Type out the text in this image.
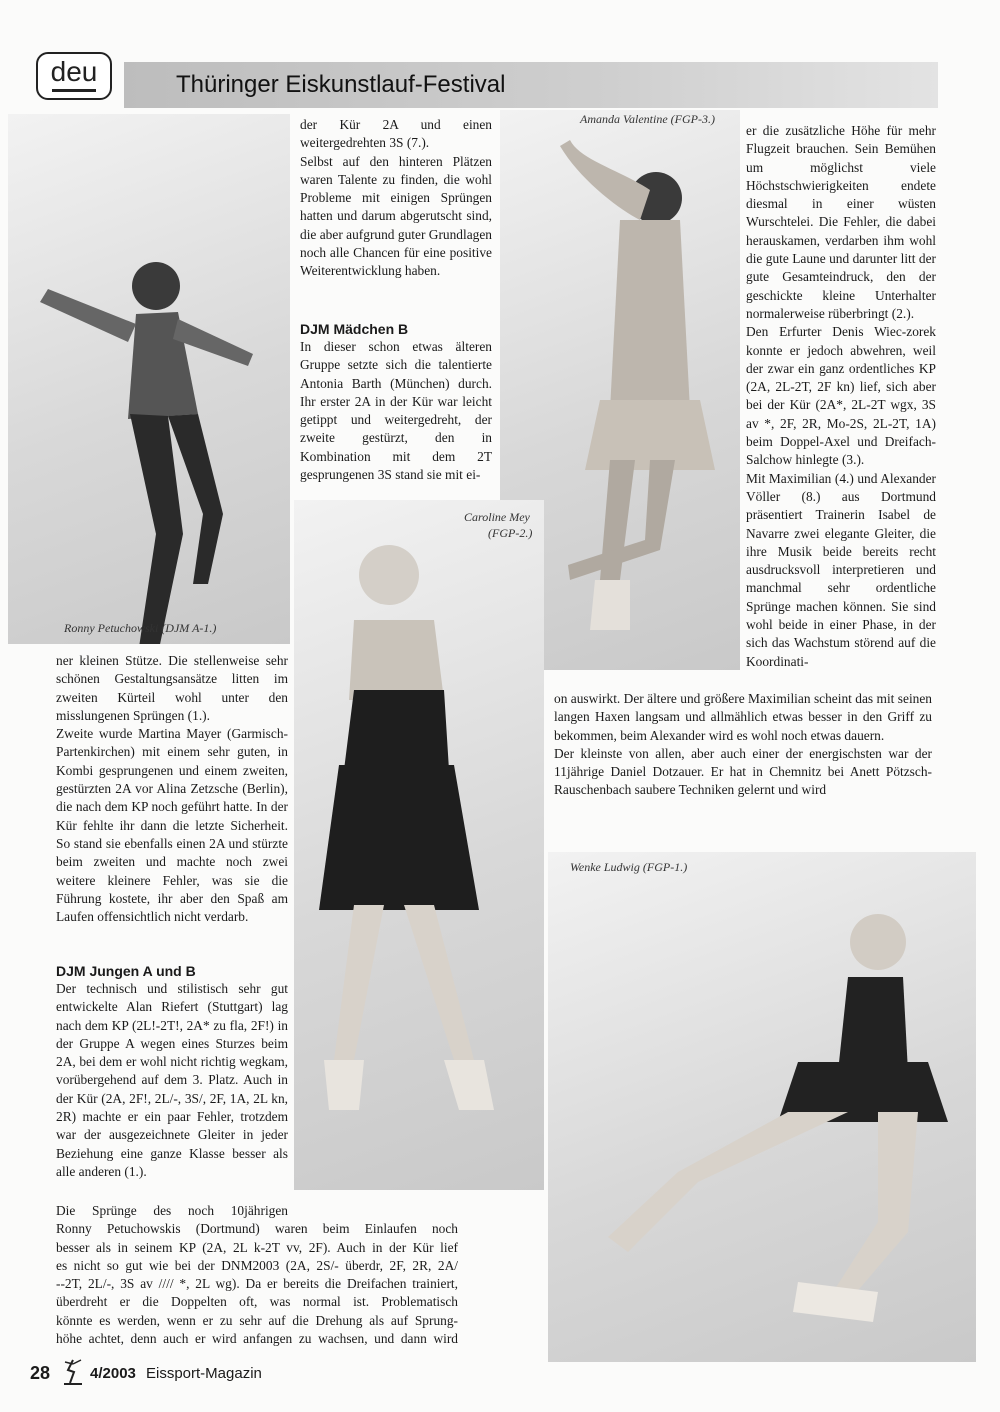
deu	Thüringer Eiskunstlauf-Festival
Ronny Petuchowski (DJM A-1.)

der Kür 2A und einen weitergedrehten 3S (7.).

Selbst auf den hinteren Plätzen waren Talente zu finden, die wohl Probleme mit einigen Sprüngen hatten und darum abgerutscht sind, die aber aufgrund guter Grundlagen noch alle Chancen für eine positive Weiterentwicklung haben.

DJM Mädchen B

In dieser schon etwas älteren Gruppe setzte sich die talentierte Antonia Barth (München) durch. Ihr erster 2A in der Kür war leicht getippt und weitergedreht, der zweite gestürzt, den in Kombination mit dem 2T gesprungenen 3S stand sie mit ei-

Amanda Valentine (FGP-3.)

er die zusätzliche Höhe für mehr Flugzeit brauchen. Sein Bemühen um möglichst viele Höchstschwierigkeiten endete diesmal in einer wüsten Wurschtelei. Die Fehler, die dabei herauskamen, verdarben ihm wohl die gute Laune und darunter litt der gute Gesamteindruck, den der geschickte kleine Unterhalter normalerweise rüberbringt (2.).

Den Erfurter Denis Wiec-zorek konnte er jedoch abwehren, weil der zwar ein ganz ordentliches KP (2A, 2L-2T, 2F kn) lief, sich aber bei der Kür (2A*, 2L-2T wgx, 3S av *, 2F, 2R, Mo-2S, 2L-2T, 1A) beim Doppel-Axel und Dreifach-Salchow hinlegte (3.).

Mit Maximilian (4.) und Alexander Völler (8.) aus Dortmund präsentiert Trainerin Isabel de Navarre zwei elegante Gleiter, die ihre Musik beide bereits recht ausdrucksvoll interpretieren und manchmal sehr ordentliche Sprünge machen können. Sie sind wohl beide in einer Phase, in der sich das Wachstum störend auf die Koordinati-

Caroline Mey
(FGP-2.)

ner kleinen Stütze. Die stellenweise sehr schönen Gestaltungsansätze litten im zweiten Kürteil wohl unter den misslungenen Sprüngen (1.).

Zweite wurde Martina Mayer (Garmisch-Partenkirchen) mit einem sehr guten, in Kombi gesprungenen und einem zweiten, gestürzten 2A vor Alina Zetzsche (Berlin), die nach dem KP noch geführt hatte. In der Kür fehlte ihr dann die letzte Sicherheit. So stand sie ebenfalls einen 2A und stürzte beim zweiten und machte noch zwei weitere kleinere Fehler, was sie die Führung kostete, ihr aber den Spaß am Laufen offensichtlich nicht verdarb.

DJM Jungen A und B

Der technisch und stilistisch sehr gut entwickelte Alan Riefert (Stuttgart) lag nach dem KP (2L!-2T!, 2A* zu fla, 2F!) in der Gruppe A wegen eines Sturzes beim 2A, bei dem er wohl nicht richtig wegkam, vorübergehend auf dem 3. Platz. Auch in der Kür (2A, 2F!, 2L/-, 3S/, 2F, 1A, 2L kn, 2R) machte er ein paar Fehler, trotzdem war der ausgezeichnete Gleiter in jeder Beziehung eine ganze Klasse besser als alle anderen (1.).

on auswirkt. Der ältere und größere Maximilian scheint das mit seinen langen Haxen langsam und allmählich etwas besser in den Griff zu bekommen, beim Alexander wird es wohl noch etwas dauern.

Der kleinste von allen, aber auch einer der energischsten war der 11jährige Daniel Dotzauer. Er hat in Chemnitz bei Anett Pötzsch-Rauschenbach saubere Techniken gelernt und wird

Wenke Ludwig (FGP-1.)
Die Sprünge des noch 10jährigen
Ronny Petuchowskis (Dortmund) waren beim Einlaufen noch
besser als in seinem KP (2A, 2L k-2T vv, 2F). Auch in der Kür lief
es nicht so gut wie bei der DNM2003 (2A, 2S/- überdr, 2F, 2R, 2A/
--2T, 2L/-, 3S av //// *, 2L wg). Da er bereits die Dreifachen trainiert,
überdreht er die Doppelten oft, was normal ist. Problematisch
könnte es werden, wenn er zu sehr auf die Drehung als auf Sprung-
höhe achtet, denn auch er wird anfangen zu wachsen, und dann wird
28	4/2003 Eissport-Magazin
